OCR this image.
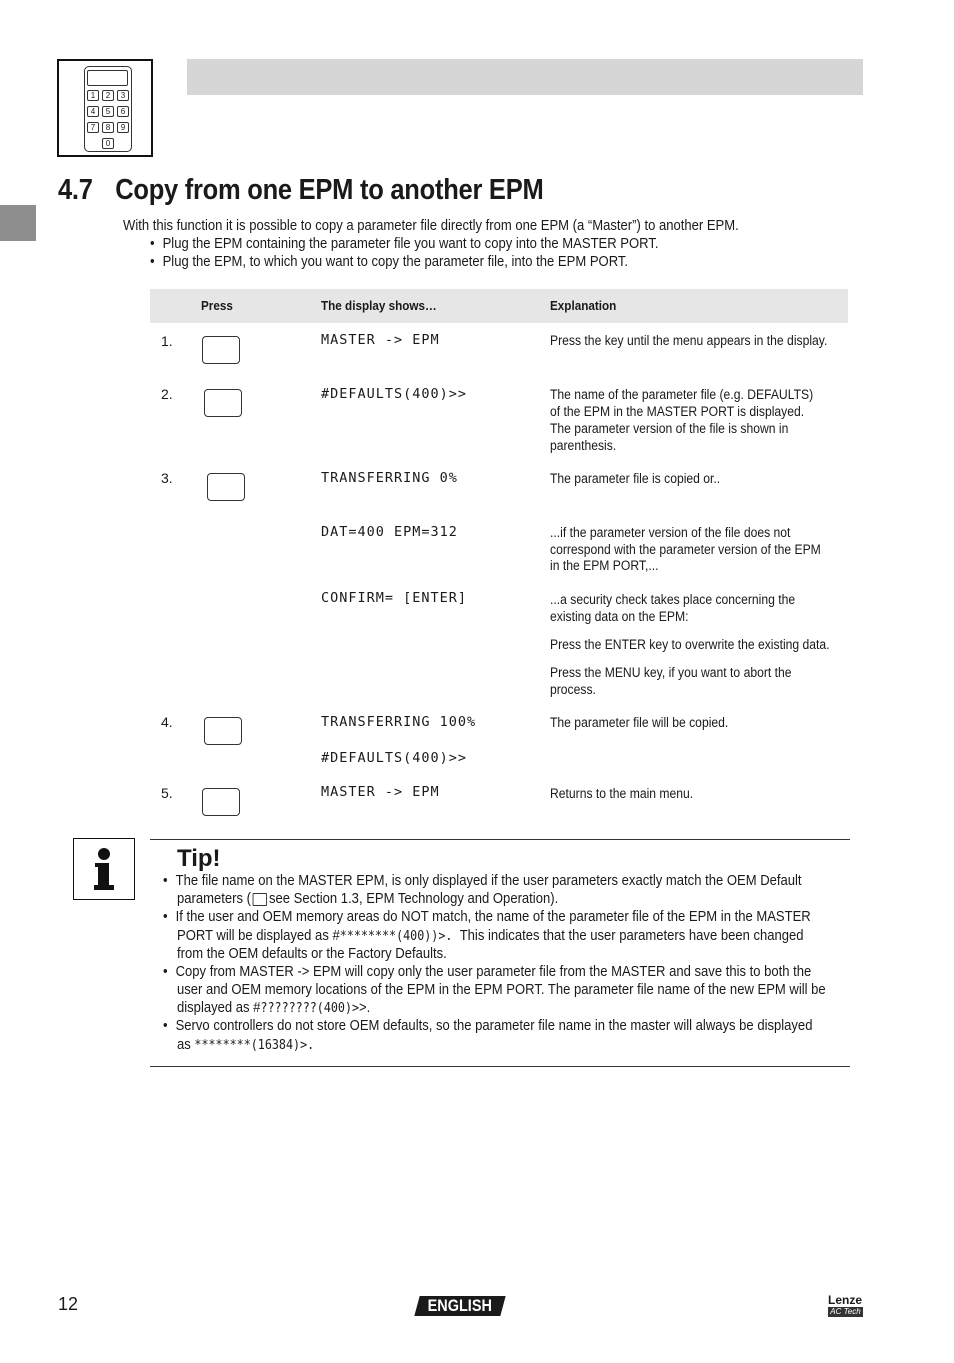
1	2	3
4	5	6
7	8	9
0
4.7 Copy from one EPM to another EPM
With this function it is possible to copy a parameter file directly from one EPM (a “Master”) to another EPM.
• Plug the EPM containing the parameter file you want to copy into the MASTER PORT.
• Plug the EPM, to which you want to copy the parameter file, into the EPM PORT.
Press	The display shows…	Explanation
1.	MASTER -> EPM	Press the key until the menu appears in the display.
2.	#DEFAULTS(400)>>	The name of the parameter file (e.g. DEFAULTS)
of the EPM in the MASTER PORT is displayed.
The parameter version of the file is shown in
parenthesis.
3.	TRANSFERRING 0%	The parameter file is copied or..
DAT=400 EPM=312	...if the parameter version of the file does not
correspond with the parameter version of the EPM
in the EPM PORT,...
CONFIRM= [ENTER]	...a security check takes place concerning the
existing data on the EPM:
Press the ENTER key to overwrite the existing data.
Press the MENU key, if you want to abort the
process.
4.	TRANSFERRING 100%	The parameter file will be copied.
#DEFAULTS(400)>>
5.	MASTER -> EPM	Returns to the main menu.
Tip!
• The file name on the MASTER EPM, is only displayed if the user parameters exactly match the OEM Default
parameters ( see Section 1.3, EPM Technology and Operation).
• If the user and OEM memory areas do NOT match, the name of the parameter file of the EPM in the MASTER
PORT will be displayed as #********(400))>. This indicates that the user parameters have been changed
from the OEM defaults or the Factory Defaults.
• Copy from MASTER -> EPM will copy only the user parameter file from the MASTER and save this to both the
user and OEM memory locations of the EPM in the EPM PORT. The parameter file name of the new EPM will be
displayed as #????????(400)>>.
• Servo controllers do not store OEM defaults, so the parameter file name in the master will always be displayed
as ********(16384)>.
12	ENGLISH	Lenze
AC Tech
